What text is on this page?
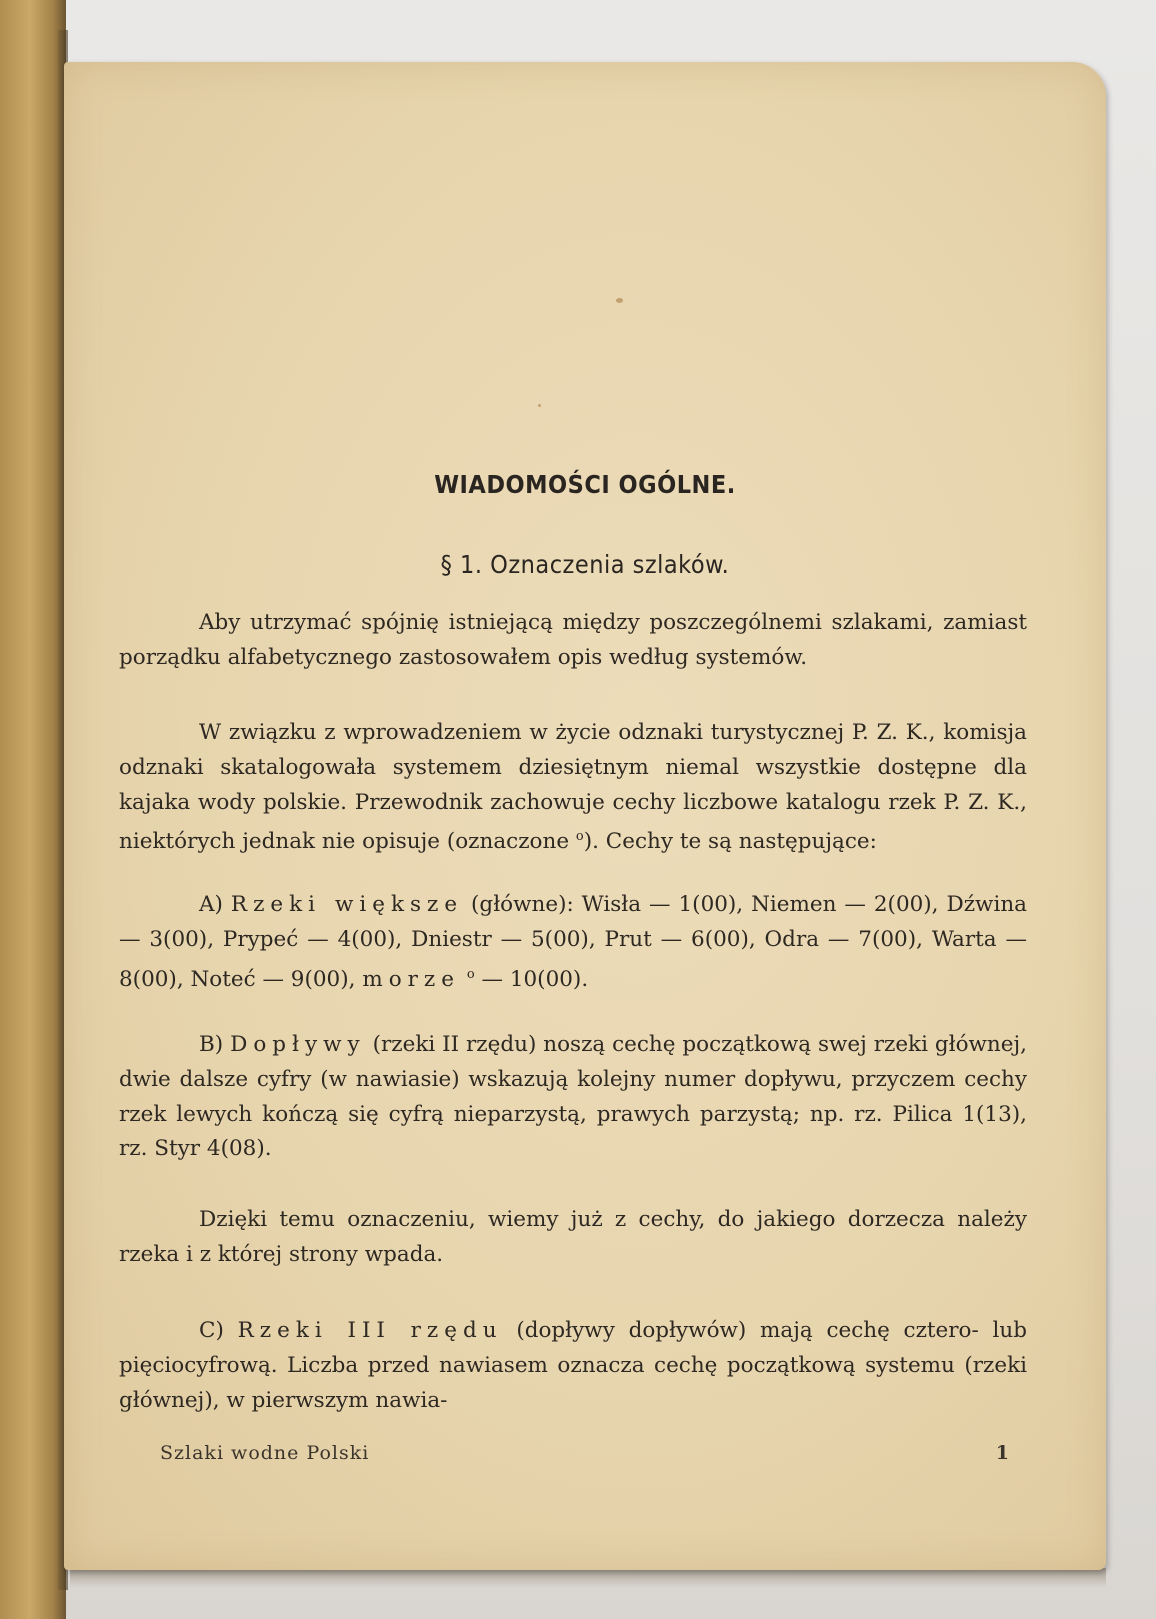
WIADOMOŚCI OGÓLNE.
§ 1. Oznaczenia szlaków.

Aby utrzymać spójnię istniejącą między poszczególnemi szlakami, zamiast porządku alfabetycznego zastosowałem opis według systemów.

W związku z wprowadzeniem w życie odznaki turystycznej P. Z. K., komisja odznaki skatalogowała systemem dziesiętnym niemal wszystkie dostępne dla kajaka wody polskie. Przewodnik zachowuje cechy liczbowe katalogu rzek P. Z. K., niektórych jednak nie opisuje (oznaczone $^o$). Cechy te są następujące:

A) Rzeki większe (główne): Wisła — 1(00), Niemen — 2(00), Dźwina — 3(00), Prypeć — 4(00), Dniestr — 5(00), Prut — 6(00), Odra — 7(00), Warta — 8(00), Noteć — 9(00), morze $^o$ — 10(00).

B) Dopływy (rzeki II rzędu) noszą cechę początkową swej rzeki głównej, dwie dalsze cyfry (w nawiasie) wskazują kolejny numer dopływu, przyczem cechy rzek lewych kończą się cyfrą nieparzystą, prawych parzystą; np. rz. Pilica 1(13), rz. Styr 4(08).

Dzięki temu oznaczeniu, wiemy już z cechy, do jakiego dorzecza należy rzeka i z której strony wpada.

C) Rzeki III rzędu (dopływy dopływów) mają cechę cztero- lub pięciocyfrową. Liczba przed nawiasem oznacza cechę początkową systemu (rzeki głównej), w pierwszym nawia-

Szlaki wodne Polski	1
